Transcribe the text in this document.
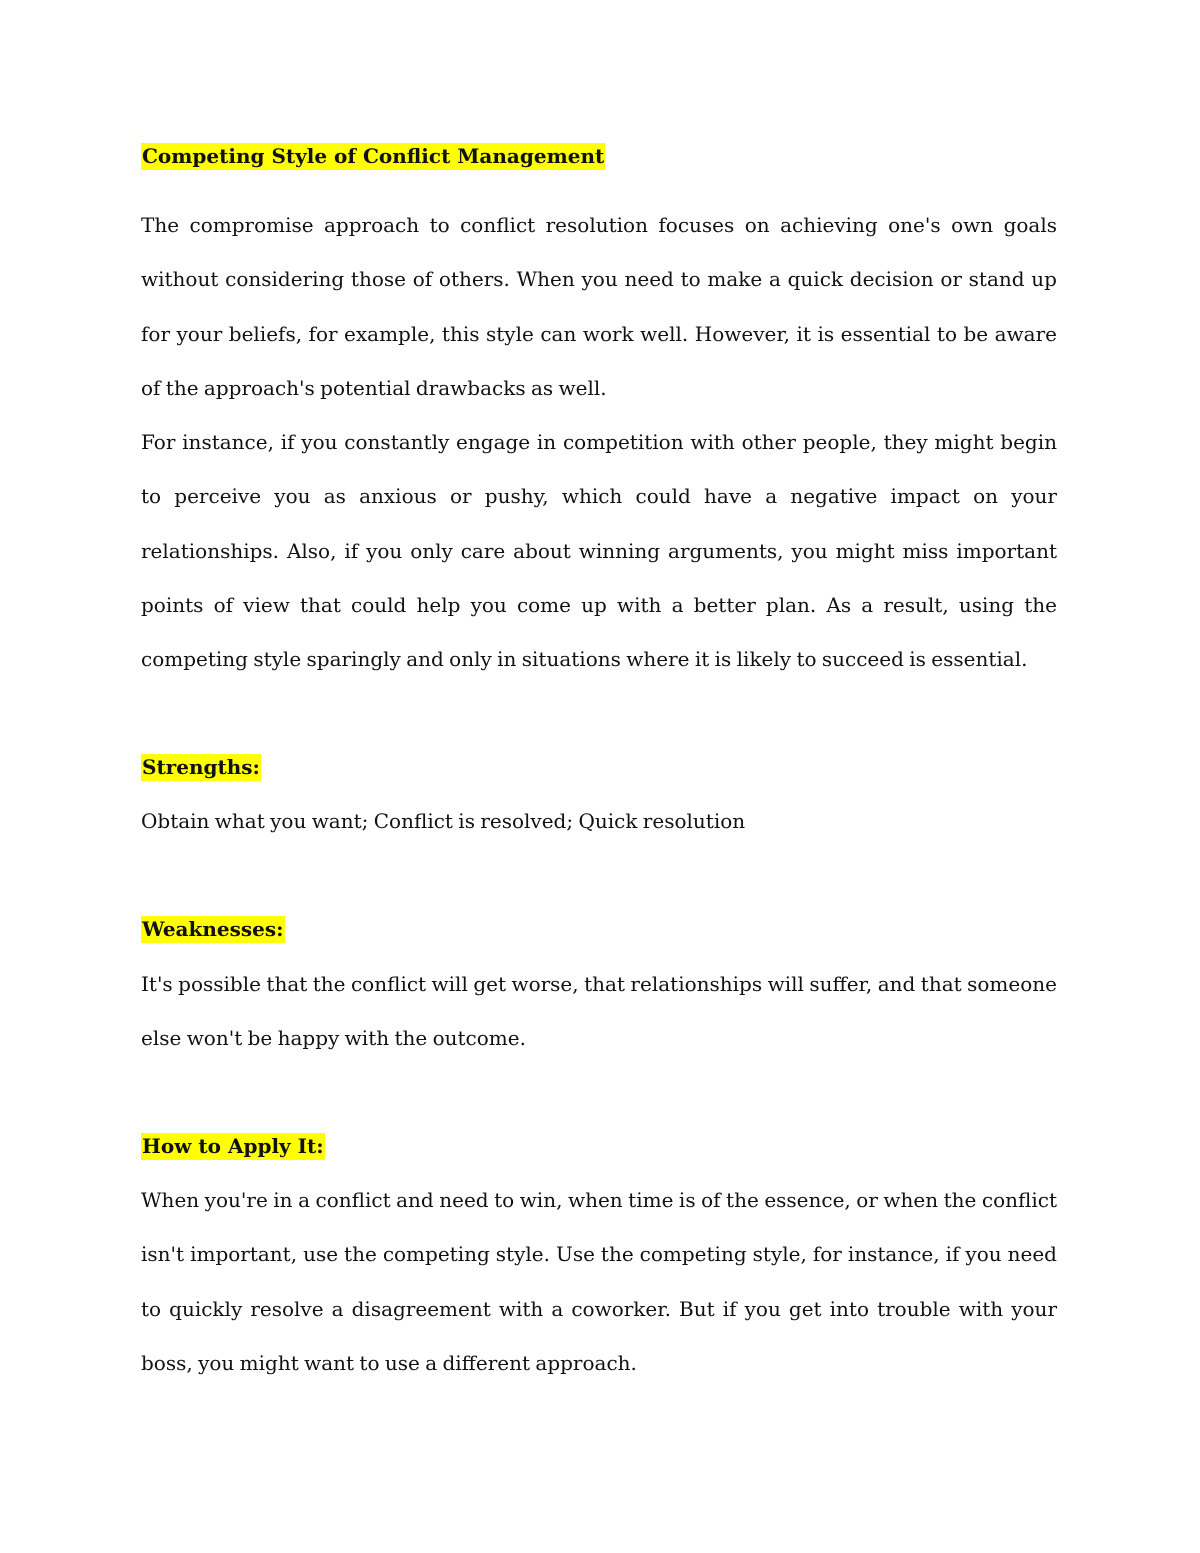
Competing Style of Conflict Management
The compromise approach to conflict resolution focuses on achieving one's own goals without considering those of others. When you need to make a quick decision or stand up for your beliefs, for example, this style can work well. However, it is essential to be aware of the approach's potential drawbacks as well.
For instance, if you constantly engage in competition with other people, they might begin to perceive you as anxious or pushy, which could have a negative impact on your relationships. Also, if you only care about winning arguments, you might miss important points of view that could help you come up with a better plan. As a result, using the competing style sparingly and only in situations where it is likely to succeed is essential.
Strengths:
Obtain what you want; Conflict is resolved; Quick resolution
Weaknesses:
It's possible that the conflict will get worse, that relationships will suffer, and that someone else won't be happy with the outcome.
How to Apply It:
When you're in a conflict and need to win, when time is of the essence, or when the conflict isn't important, use the competing style. Use the competing style, for instance, if you need to quickly resolve a disagreement with a coworker. But if you get into trouble with your boss, you might want to use a different approach.
